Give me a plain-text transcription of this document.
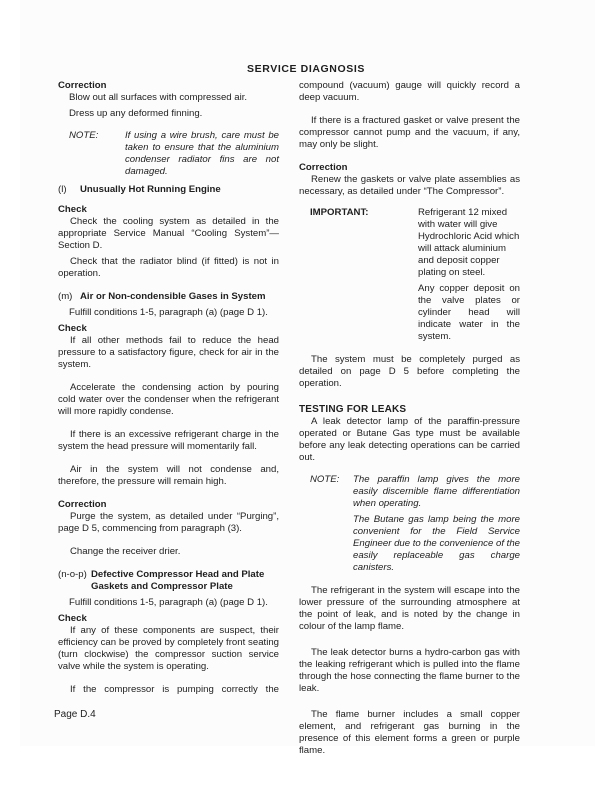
SERVICE DIAGNOSIS

Correction

Blow out all surfaces with compressed air.

Dress up any deformed finning.

NOTE:	If using a wire brush, care must be taken to ensure that the aluminium condenser radiator fins are not damaged.

(l)	Unusually Hot Running Engine

Check

Check the cooling system as detailed in the appropriate Service Manual “Cooling System”—Section D.

Check that the radiator blind (if fitted) is not in operation.

(m) Air or Non-condensible Gases in System

Fulfill conditions 1-5, paragraph (a) (page D 1).

Check

If all other methods fail to reduce the head pressure to a satisfactory figure, check for air in the system.

Accelerate the condensing action by pouring cold water over the condenser when the refrigerant will more rapidly condense.

If there is an excessive refrigerant charge in the system the head pressure will momentarily fall.

Air in the system will not condense and, therefore, the pressure will remain high.

Correction

Purge the system, as detailed under “Purging”, page D 5, commencing from paragraph (3).

Change the receiver drier.

(n-o-p) Defective Compressor Head and Plate
Gaskets and Compressor Plate

Fulfill conditions 1-5, paragraph (a) (page D 1).

Check

If any of these components are suspect, their efficiency can be proved by completely front seating (turn clockwise) the compressor suction service valve while the system is operating.

If the compressor is pumping correctly the

compound (vacuum) gauge will quickly record a deep vacuum.

If there is a fractured gasket or valve present the compressor cannot pump and the vacuum, if any, may only be slight.

Correction

Renew the gaskets or valve plate assemblies as necessary, as detailed under “The Compressor”.

IMPORTANT:	Refrigerant 12 mixed with water will give Hydrochloric Acid which will attack aluminium and deposit copper plating on steel.

Any copper deposit on the valve plates or cylinder head will indicate water in the system.

The system must be completely purged as detailed on page D 5 before completing the operation.

TESTING FOR LEAKS

A leak detector lamp of the paraffin-pressure operated or Butane Gas type must be available before any leak detecting operations can be carried out.

NOTE:	The paraffin lamp gives the more easily discernible flame differentiation when operating.

The Butane gas lamp being the more convenient for the Field Service Engineer due to the convenience of the easily replaceable gas charge canisters.

The refrigerant in the system will escape into the lower pressure of the surrounding atmosphere at the point of leak, and is noted by the change in colour of the lamp flame.

The leak detector burns a hydro-carbon gas with the leaking refrigerant which is pulled into the flame through the hose connecting the flame burner to the leak.

The flame burner includes a small copper element, and refrigerant gas burning in the presence of this element forms a green or purple flame.

Page D.4
